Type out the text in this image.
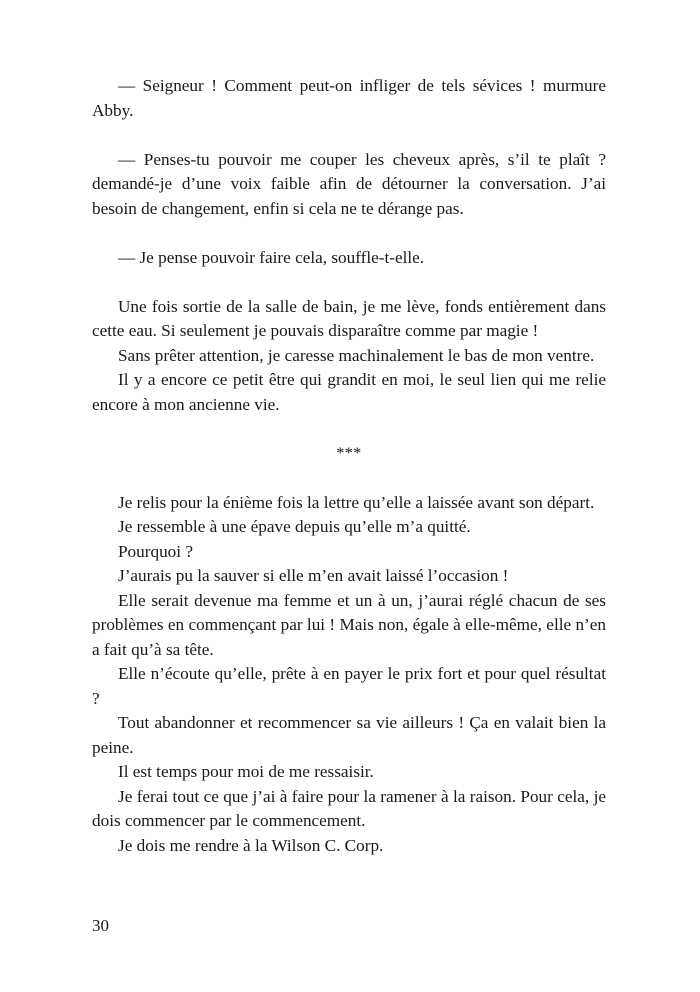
— Seigneur ! Comment peut-on infliger de tels sévices ! murmure Abby.

— Penses-tu pouvoir me couper les cheveux après, s’il te plaît ? demandé-je d’une voix faible afin de détourner la conversation. J’ai besoin de changement, enfin si cela ne te dérange pas.

— Je pense pouvoir faire cela, souffle-t-elle.

Une fois sortie de la salle de bain, je me lève, fonds entièrement dans cette eau. Si seulement je pouvais disparaître comme par magie !

Sans prêter attention, je caresse machinalement le bas de mon ventre.

Il y a encore ce petit être qui grandit en moi, le seul lien qui me relie encore à mon ancienne vie.

***

Je relis pour la énième fois la lettre qu’elle a laissée avant son départ.

Je ressemble à une épave depuis qu’elle m’a quitté.

Pourquoi ?

J’aurais pu la sauver si elle m’en avait laissé l’occasion !

Elle serait devenue ma femme et un à un, j’aurai réglé chacun de ses problèmes en commençant par lui ! Mais non, égale à elle-même, elle n’en a fait qu’à sa tête.

Elle n’écoute qu’elle, prête à en payer le prix fort et pour quel résultat ?

Tout abandonner et recommencer sa vie ailleurs ! Ça en valait bien la peine.

Il est temps pour moi de me ressaisir.

Je ferai tout ce que j’ai à faire pour la ramener à la raison. Pour cela, je dois commencer par le commencement.

Je dois me rendre à la Wilson C. Corp.

30
